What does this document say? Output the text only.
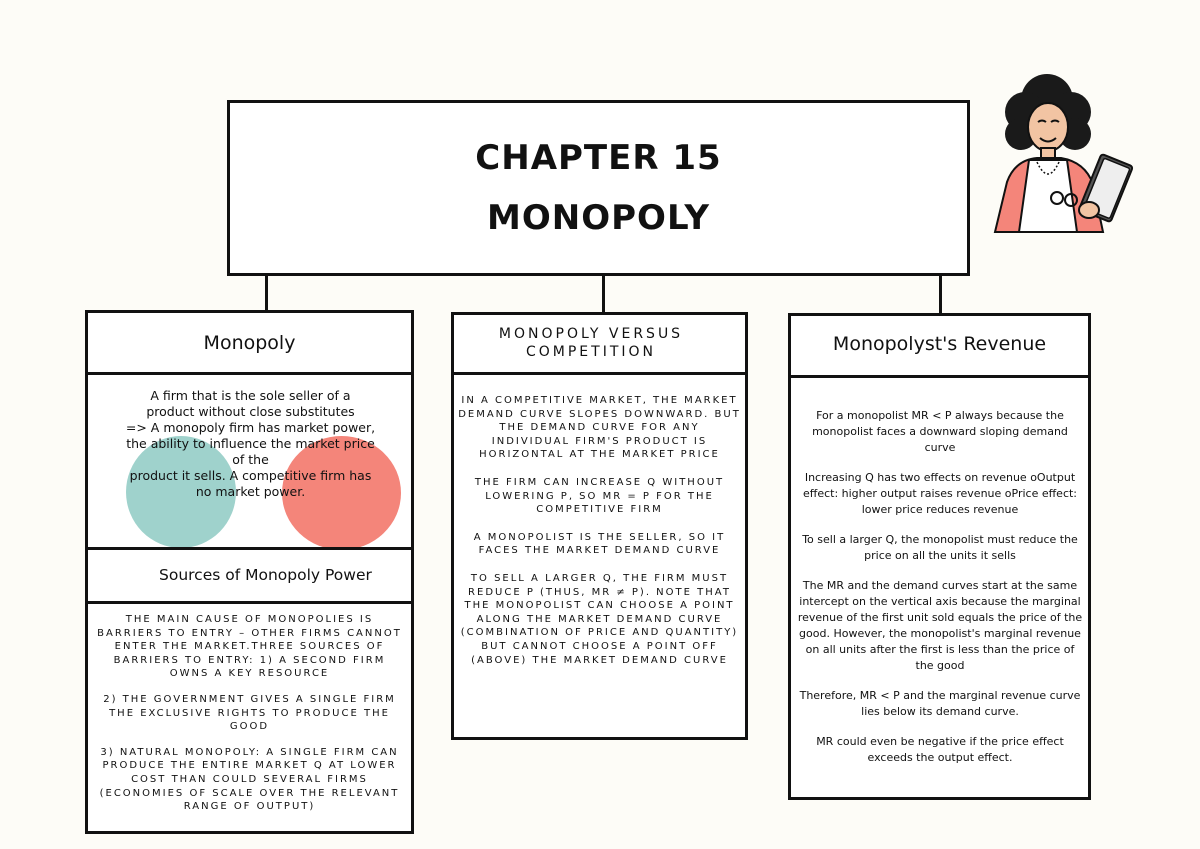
CHAPTER 15
MONOPOLY
Monopoly
A firm that is the sole seller of a
product without close substitutes
=> A monopoly firm has market power,
the ability to influence the market price
of the
product it sells. A competitive firm has
no market power.
Sources of Monopoly Power
THE MAIN CAUSE OF MONOPOLIES IS BARRIERS TO ENTRY – OTHER FIRMS CANNOT ENTER THE MARKET.THREE SOURCES OF BARRIERS TO ENTRY: 1) A SECOND FIRM OWNS A KEY RESOURCE
2) THE GOVERNMENT GIVES A SINGLE FIRM THE EXCLUSIVE RIGHTS TO PRODUCE THE GOOD
3) NATURAL MONOPOLY: A SINGLE FIRM CAN PRODUCE THE ENTIRE MARKET Q AT LOWER COST THAN COULD SEVERAL FIRMS (ECONOMIES OF SCALE OVER THE RELEVANT RANGE OF OUTPUT)
MONOPOLY VERSUS COMPETITION
IN A COMPETITIVE MARKET, THE MARKET DEMAND CURVE SLOPES DOWNWARD. BUT THE DEMAND CURVE FOR ANY INDIVIDUAL FIRM'S PRODUCT IS HORIZONTAL AT THE MARKET PRICE
THE FIRM CAN INCREASE Q WITHOUT LOWERING P, SO MR = P FOR THE COMPETITIVE FIRM
A MONOPOLIST IS THE SELLER, SO IT FACES THE MARKET DEMAND CURVE
TO SELL A LARGER Q, THE FIRM MUST REDUCE P (THUS, MR ≠ P). NOTE THAT THE MONOPOLIST CAN CHOOSE A POINT ALONG THE MARKET DEMAND CURVE (COMBINATION OF PRICE AND QUANTITY) BUT CANNOT CHOOSE A POINT OFF (ABOVE) THE MARKET DEMAND CURVE
Monopolyst's Revenue
For a monopolist MR < P always because the monopolist faces a downward sloping demand curve
Increasing Q has two effects on revenue oOutput effect: higher output raises revenue oPrice effect: lower price reduces revenue
To sell a larger Q, the monopolist must reduce the price on all the units it sells
The MR and the demand curves start at the same intercept on the vertical axis because the marginal revenue of the first unit sold equals the price of the good. However, the monopolist's marginal revenue on all units after the first is less than the price of the good
Therefore, MR < P and the marginal revenue curve lies below its demand curve.
MR could even be negative if the price effect exceeds the output effect.
